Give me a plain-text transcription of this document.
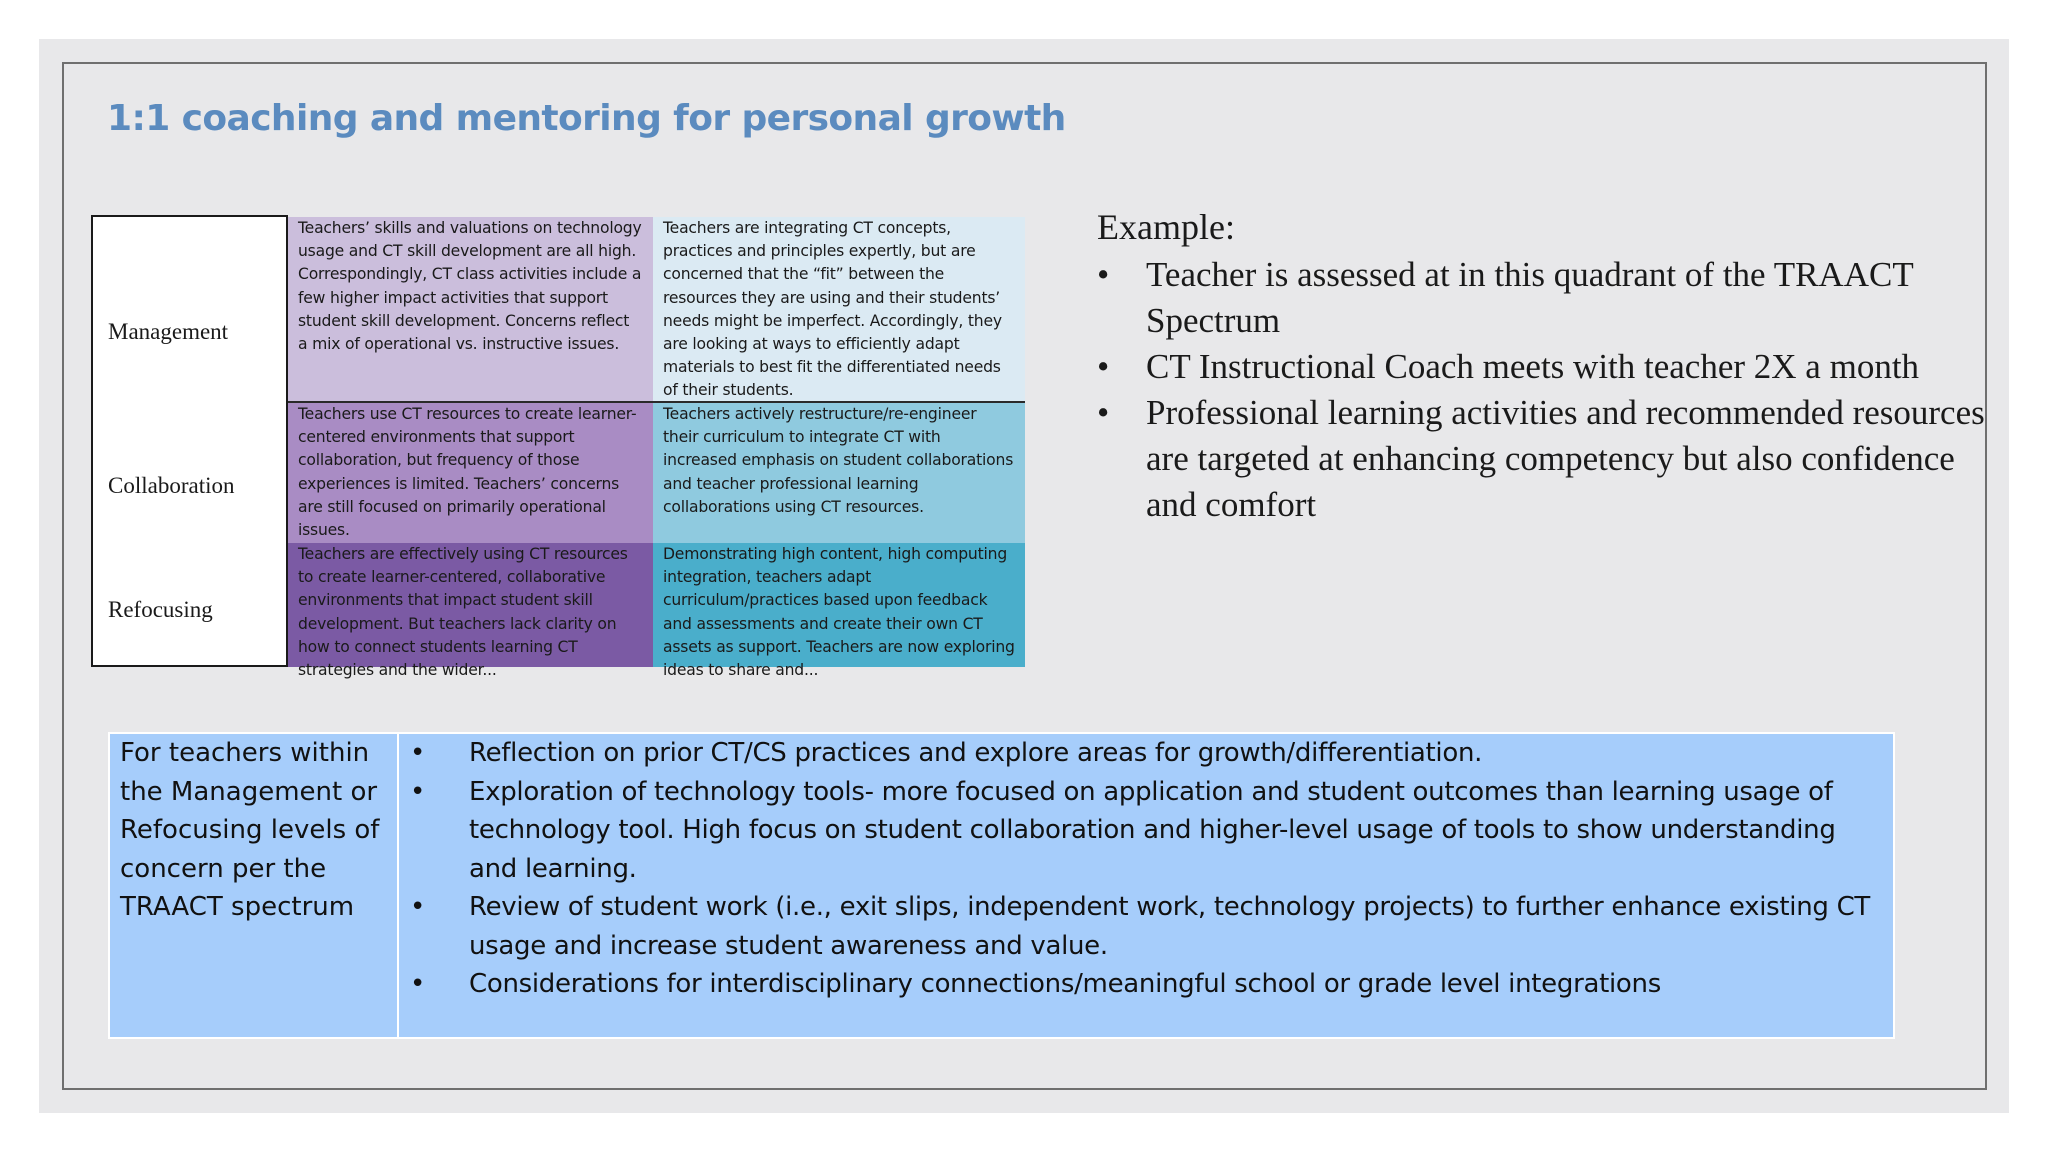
1:1 coaching and mentoring for personal growth
Management
Collaboration
Refocusing
Teachers’ skills and valuations on technology usage and CT skill development are all high. Correspondingly, CT class activities include a few higher impact activities that support student skill development. Concerns reflect a mix of operational vs. instructive issues.
Teachers are integrating CT concepts, practices and principles expertly, but are concerned that the “fit” between the resources they are using and their students’ needs might be imperfect. Accordingly, they are looking at ways to efficiently adapt materials to best fit the differentiated needs of their students.
Teachers use CT resources to create learner-centered environments that support collaboration, but frequency of those experiences is limited. Teachers’ concerns are still focused on primarily operational issues.
Teachers actively restructure/re-engineer their curriculum to integrate CT with increased emphasis on student collaborations and teacher professional learning collaborations using CT resources.
Teachers are effectively using CT resources to create learner-centered, collaborative environments that impact student skill development. But teachers lack clarity on how to connect students learning CT strategies and the wider...
Demonstrating high content, high computing integration, teachers adapt curriculum/practices based upon feedback and assessments and create their own CT assets as support. Teachers are now exploring ideas to share and...
Example:
• Teacher is assessed at in this quadrant of the TRAACT Spectrum
• CT Instructional Coach meets with teacher 2X a month
• Professional learning activities and recommended resources are targeted at enhancing competency but also confidence and comfort
For teachers within the Management or Refocusing levels of concern per the TRAACT spectrum
• Reflection on prior CT/CS practices and explore areas for growth/differentiation.
• Exploration of technology tools- more focused on application and student outcomes than learning usage of technology tool. High focus on student collaboration and higher-level usage of tools to show understanding and learning.
• Review of student work (i.e., exit slips, independent work, technology projects) to further enhance existing CT usage and increase student awareness and value.
• Considerations for interdisciplinary connections/meaningful school or grade level integrations
